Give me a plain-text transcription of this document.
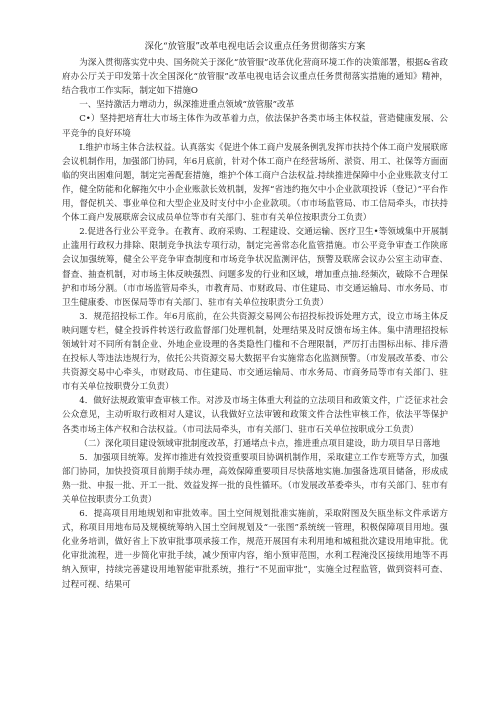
深化“放管服”改革电视电话会议重点任务贯彻落实方案

为深入贯彻落实党中央、国务院关于深化“放管服”改革优化营商环境工作的决策部署，根据&省政府办公厅关于印发第十次全国深化“放管服”改革电视电话会议重点任务贯彻落实措施的通知》精神，结合我市工作实际，制定如下措施O

一、坚持激活力增动力，纵深推进重点领域“放管服”改革

C•）坚持把培育壮大市场主体作为改革着力点，依法保护各类市场主体权益，营造健康发展、公平竞争的良好环境

I.维护市场主体合法权益。认真落实《促进个体工商户发展条例乳发挥市扶持个体工商户发展联席会议机制作用，加强部门协同，年6月底前，针对个体工商户在经营场所、淤资、用工、社保等方面面临的突出困难问题，制定完善配套措施，维护个体工商户合法权益.持续推进保障中小企业账款支付工作，健全防能和化解拖欠中小企业账款长效机制，发挥“省违约拖欠中小企业款项投诉（登记）”平台作用，督促机关、事业单位和大型企业及时支付中小企业款项。（市市场监管局、市工信局牵头，市扶持个体工商户发展联席会议成员单位等市有关部门、驻市有关单位按职责分工负责）

2.促进各行业公平竞争。在教育、政府采购、工程建设、交通运输、医疗卫生•等领域集中开展制止滥用行政权力排除、限制竞争执法专项行动，制定完善常态化监管措施。市公平竞争审查工作陕席会议加强统筹，健全公平竞争审查制度和市场竞争状况监测评估，预警及联席会议办公室主动审查、督查、抽查机制，对市场主体反映强烈、问题多发的行业和区域，增加重点抽.经频次，破除不合理保护和市场分割。（市市场监管局牵头，市教育局、市财政局、市住建局、市交通运输局、市水务局、市卫生健康委、市医保局等市有关部门、驻市有关单位按职责分工负责）

3．规范招投标工作。年6月底前，在公共资源交易网公布招投标投诉处理方式，设立市场主体反映问题专栏，健全投诉件转送行政监督部门处理机制，处理结果及时反馈布场主体。集中清理招投标领域针对不同所有制企业、外地企业设理的各类隐性门槛和不合理限制，严厉打击围标出标、排斥潜在投标人等违法违规行为，依托公共资源交易大数据平台实施常态化监测预警。（市发展改革委、市公共资源交易中心牵头，市财政局、市住建局、市交通运输局、市水务局、市商务局等市有关部门、驻市有关单位按职费分工负责）

4．做好法规政策审查审核工作。对涉及市场主体重大利益的立法项目和政策文件，广泛征求社会公众意见，主动听取行政相对人建议，认我做好立法审镀和政策文件合法性审核工作，依法平等保护各类市场主体产权和合法权益。（市司法局牵头，市有关部门、驻市石关单位按职成分工负责）

（二）深化项目建设领域审批制度改革，打通堵点卡点，推进重点项目建设，助力项目早日落地

5．加强项目统筹。发挥市推进有效投资重要项目协调机制作用，采取建立工作专班等方式，加强部门协同，加快投资项目前期手续办理，高效保障重要项目尽快落地实施.加强备选项目储备，形成成熟一批、申报一批、开工一批、效益发挥一批的良性循环。（市发展改革委牵头，市有关部门、驻市有关单位按职责分工负责）

6．提高项目用地规划和审批效率。国土空间规划批准实施前，采取附图及矢瓯坐标文件承诺方式，称项目用地布局及规模统筹纳入国土空间规划及“一张图”系统统一管理，积极保障项目用地。强化业务培训，做好省上下放审批事项承接工作，规范开展国有未利用地和城租批次建设用地审批。优化审批流程，进一步简化审批手续，减少预审内容，缩小预审范围，水利工程淹没区接续用地等不再纳入预审，持续完善建设用地智能审批系统，推行“不见面审批”，实施全过程监管，做到资料可查、过程可视、结果可
